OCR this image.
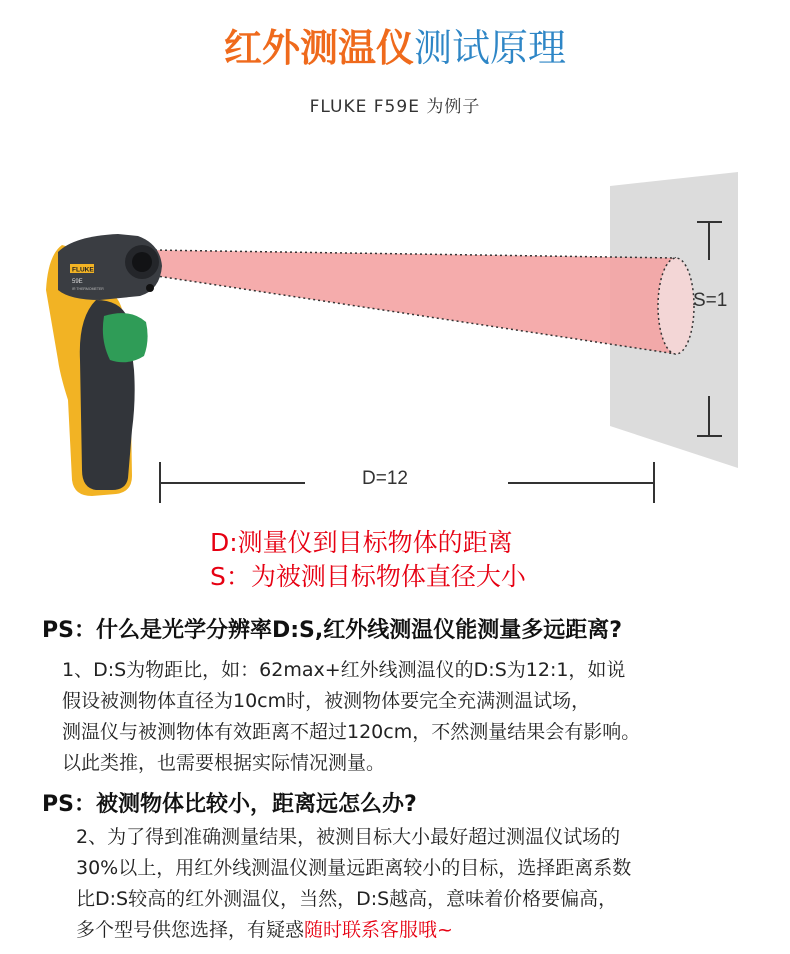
红外测温仪测试原理
FLUKE F59E 为例子
FLUKE
59E
IR THERMOMETER
D=12
S=1
D:测量仪到目标物体的距离
S：为被测目标物体直径大小
PS：什么是光学分辨率D:S,红外线测温仪能测量多远距离?
1、D:S为物距比，如：62max+红外线测温仪的D:S为12:1，如说
假设被测物体直径为10cm时，被测物体要完全充满测温试场，
测温仪与被测物体有效距离不超过120cm，不然测量结果会有影响。
以此类推，也需要根据实际情况测量。
PS：被测物体比较小，距离远怎么办?
2、为了得到准确测量结果，被测目标大小最好超过测温仪试场的
30%以上，用红外线测温仪测量远距离较小的目标，选择距离系数
比D:S较高的红外测温仪，当然，D:S越高，意味着价格要偏高，
多个型号供您选择，有疑惑随时联系客服哦~
